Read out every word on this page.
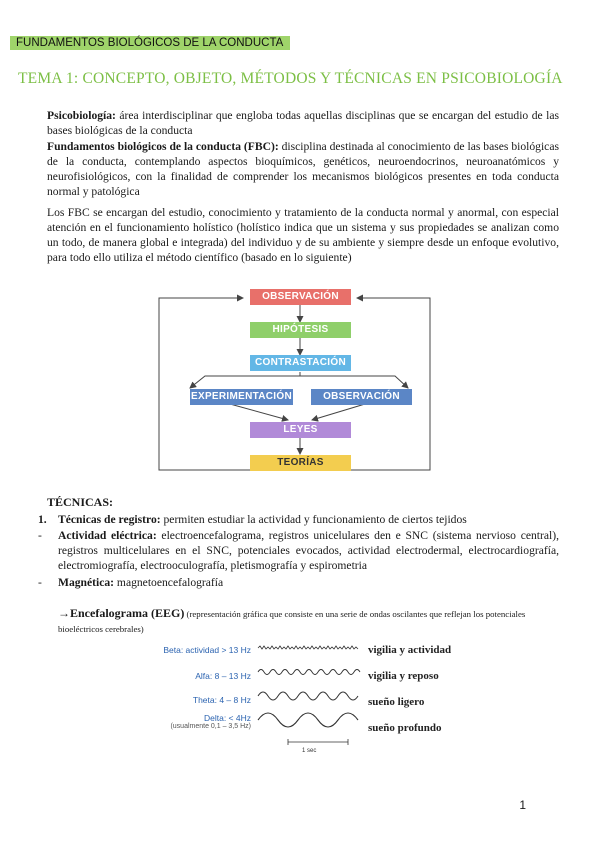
FUNDAMENTOS BIOLÓGICOS DE LA CONDUCTA
TEMA 1: CONCEPTO, OBJETO, MÉTODOS Y TÉCNICAS EN PSICOBIOLOGÍA
Psicobiología: área interdisciplinar que engloba todas aquellas disciplinas que se encargan del estudio de las bases biológicas de la conducta
Fundamentos biológicos de la conducta (FBC): disciplina destinada al conocimiento de las bases biológicas de la conducta, contemplando aspectos bioquímicos, genéticos, neuroendocrinos, neuroanatómicos y neurofisiológicos, con la finalidad de comprender los mecanismos biológicos presentes en toda conducta normal y patológica
Los FBC se encargan del estudio, conocimiento y tratamiento de la conducta normal y anormal, con especial atención en el funcionamiento holístico (holístico indica que un sistema y sus propiedades se analizan como un todo, de manera global e integrada) del individuo y de su ambiente y siempre desde un enfoque evolutivo, para todo ello utiliza el método científico (basado en lo siguiente)
OBSERVACIÓN
HIPÓTESIS
CONTRASTACIÓN
EXPERIMENTACIÓN	OBSERVACIÓN
LEYES
TEORÍAS
TÉCNICAS:
1. Técnicas de registro: permiten estudiar la actividad y funcionamiento de ciertos tejidos
- Actividad eléctrica: electroencefalograma, registros unicelulares den e SNC (sistema nervioso central), registros multicelulares en el SNC, potenciales evocados, actividad electrodermal, electrocardiografía, electromiografía, electrooculografía, pletismografía y espirometria
- Magnética: magnetoencefalografía
→Encefalograma (EEG) (representación gráfica que consiste en una serie de ondas oscilantes que reflejan los potenciales bioeléctricos cerebrales)
Beta: actividad > 13 Hz
Alfa: 8 – 13 Hz
Theta: 4 – 8 Hz
Delta: < 4Hz
(usualmente 0,1 – 3,5 Hz)
1 sec
vigilia y actividad
vigilia y reposo
sueño ligero
sueño profundo
1
